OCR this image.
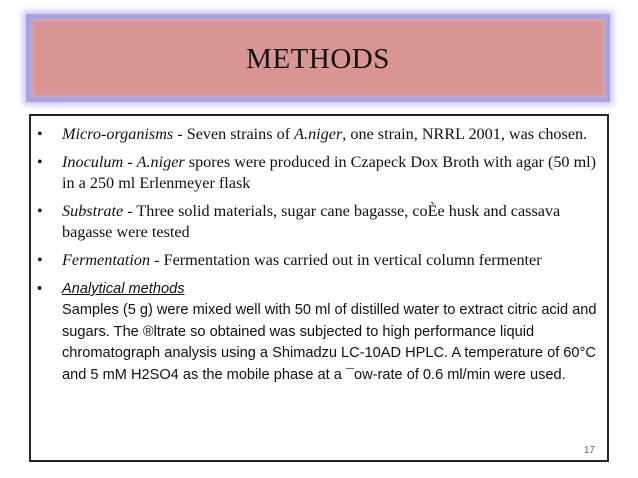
METHODS
• Micro-organisms - Seven strains of A.niger, one strain, NRRL 2001, was chosen.
• Inoculum - A.niger spores were produced in Czapeck Dox Broth with agar (50 ml) in a 250 ml Erlenmeyer flask
• Substrate - Three solid materials, sugar cane bagasse, coÈe husk and cassava bagasse were tested
• Fermentation - Fermentation was carried out in vertical column fermenter
• Analytical methods
Samples (5 g) were mixed well with 50 ml of distilled water to extract citric acid and sugars. The ®ltrate so obtained was subjected to high performance liquid chromatograph analysis using a Shimadzu LC-10AD HPLC. A temperature of 60°C and 5 mM H2SO4 as the mobile phase at a ¯ow-rate of 0.6 ml/min were used.
17
